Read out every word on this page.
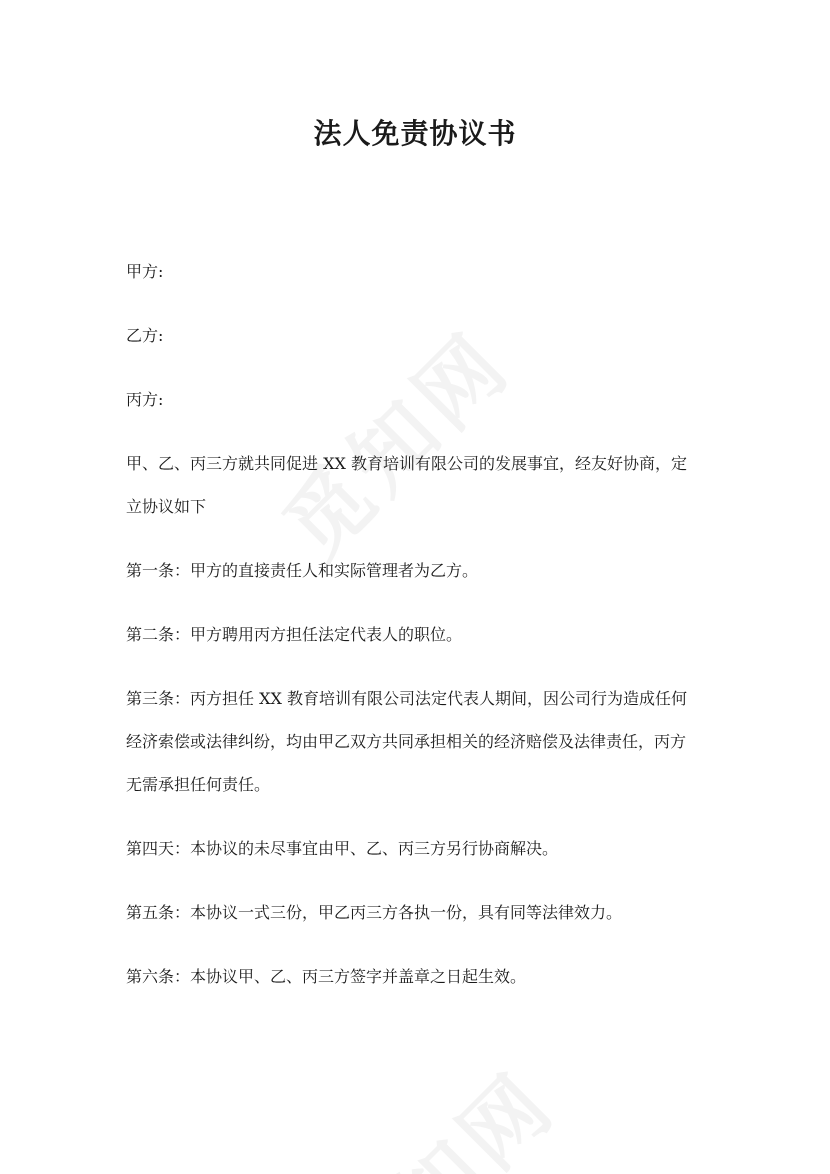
法人免责协议书

甲方:

乙方:

丙方:

甲、乙、丙三方就共同促进 XX 教育培训有限公司的发展事宜，经友好协商，定

立协议如下

第一条：甲方的直接责任人和实际管理者为乙方。

第二条：甲方聘用丙方担任法定代表人的职位。

第三条：丙方担任 XX 教育培训有限公司法定代表人期间，因公司行为造成任何

经济索偿或法律纠纷，均由甲乙双方共同承担相关的经济赔偿及法律责任，丙方

无需承担任何责任。

第四天：本协议的未尽事宜由甲、乙、丙三方另行协商解决。

第五条：本协议一式三份，甲乙丙三方各执一份，具有同等法律效力。

第六条：本协议甲、乙、丙三方签字并盖章之日起生效。
